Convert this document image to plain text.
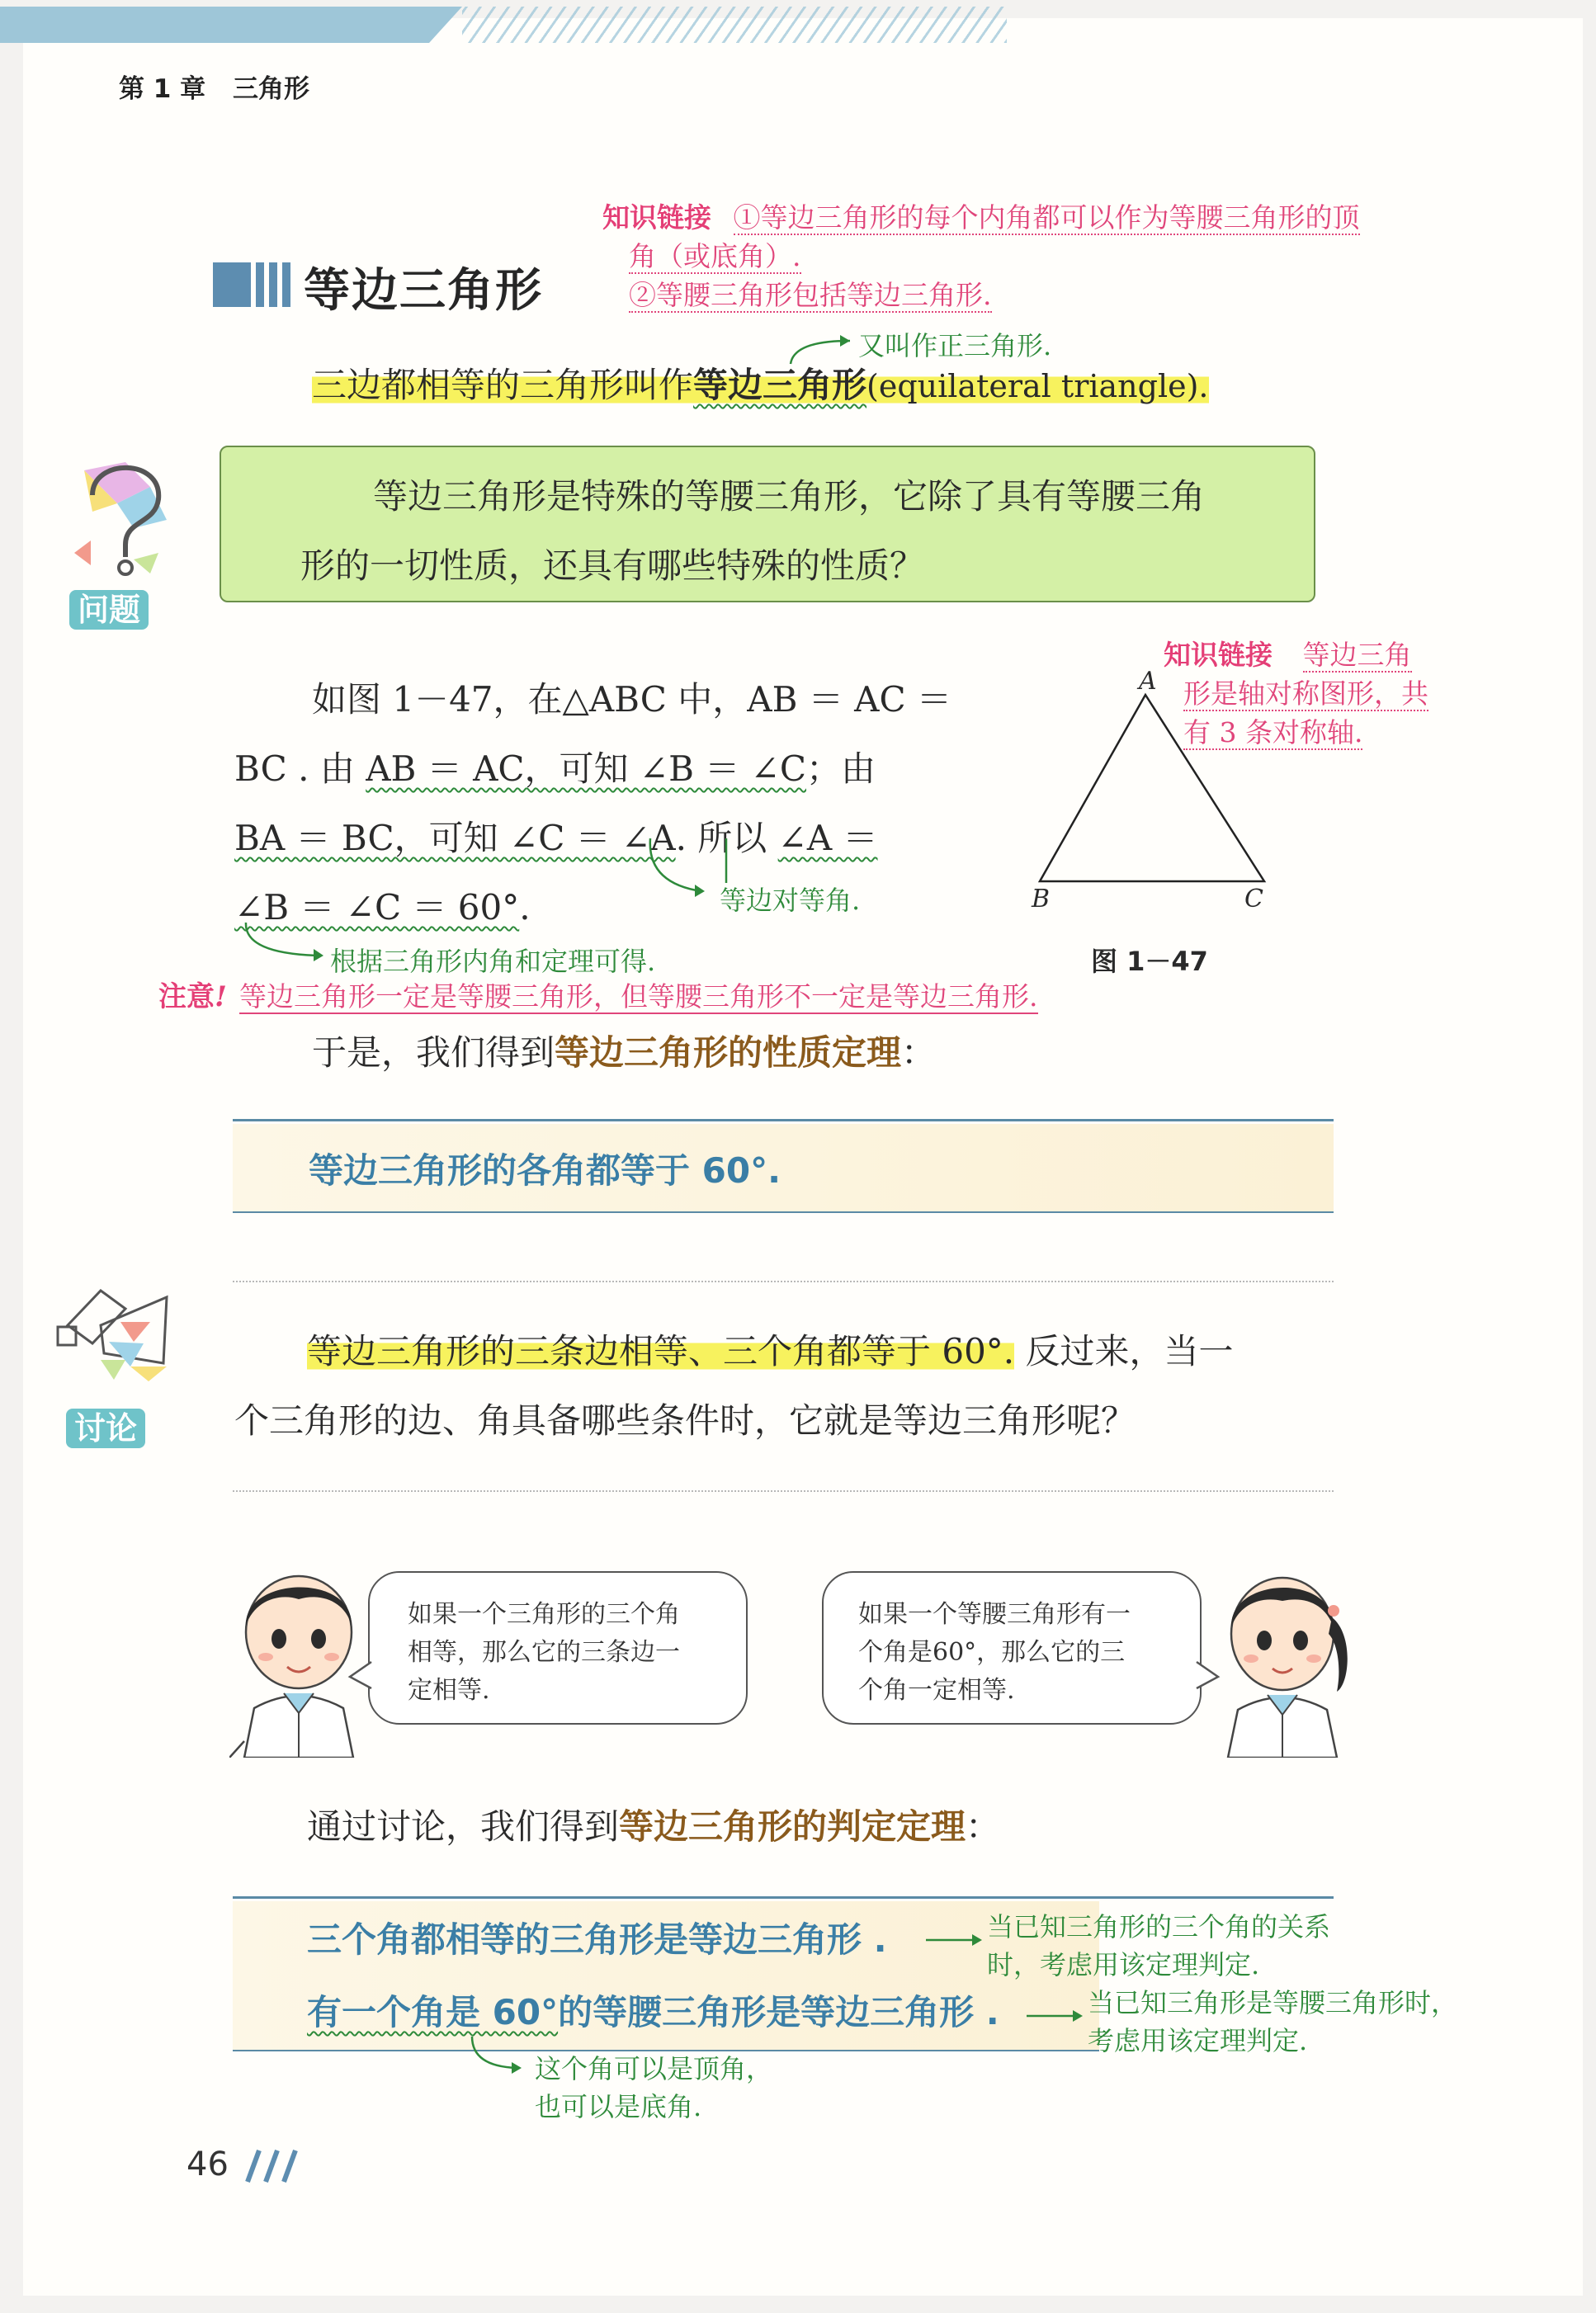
第 1 章 三角形
等边三角形
知识链接 ①等边三角形的每个内角都可以作为等腰三角形的顶
角（或底角）.
②等腰三角形包括等边三角形.
又叫作正三角形.
三边都相等的三角形叫作等边三角形(equilateral triangle).
问题
等边三角形是特殊的等腰三角形，它除了具有等腰三角
形的一切性质，还具有哪些特殊的性质？
知识链接 等边三角
形是轴对称图形，共
有 3 条对称轴.
A
B	C
图 1－47
如图 1－47，在△ABC 中，AB ＝ AC ＝
BC . 由 AB ＝ AC，可知 ∠B ＝ ∠C；由
BA ＝ BC，可知 ∠C ＝ ∠A. 所以 ∠A ＝
∠B ＝ ∠C ＝ 60°.	等边对等角.
根据三角形内角和定理可得.
注意! 等边三角形一定是等腰三角形，但等腰三角形不一定是等边三角形.
于是，我们得到等边三角形的性质定理：
等边三角形的各角都等于 60°.
讨论
等边三角形的三条边相等、三个角都等于 60°. 反过来，当一
个三角形的边、角具备哪些条件时，它就是等边三角形呢？
如果一个三角形的三个角
相等，那么它的三条边一
定相等.
如果一个等腰三角形有一
个角是60°，那么它的三
个角一定相等.
通过讨论，我们得到等边三角形的判定定理：
三个角都相等的三角形是等边三角形 .
有一个角是 60°的等腰三角形是等边三角形 .
当已知三角形的三个角的关系
时，考虑用该定理判定.
当已知三角形是等腰三角形时，
考虑用该定理判定.
这个角可以是顶角，
也可以是底角.
46
